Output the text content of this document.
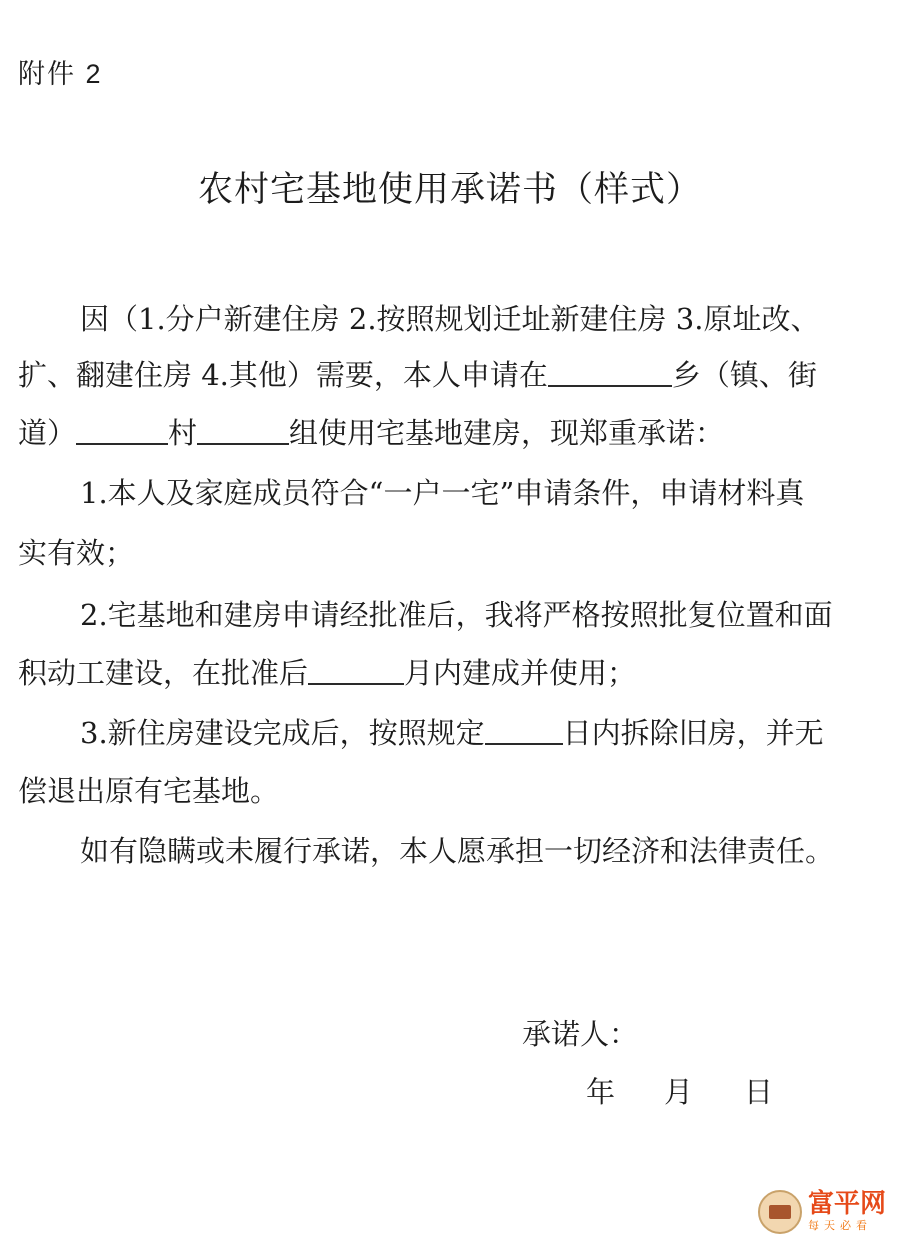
附件 2
农村宅基地使用承诺书（样式）
因（1.分户新建住房 2.按照规划迁址新建住房 3.原址改、
扩、翻建住房 4.其他）需要，本人申请在	乡（镇、街
道）	村	组使用宅基地建房，现郑重承诺：
1.本人及家庭成员符合“一户一宅”申请条件，申请材料真
实有效；
2.宅基地和建房申请经批准后，我将严格按照批复位置和面
积动工建设，在批准后	月内建成并使用；
3.新住房建设完成后，按照规定	日内拆除旧房，并无
偿退出原有宅基地。
如有隐瞒或未履行承诺，本人愿承担一切经济和法律责任。
承诺人：
年 月 日
富平网
每天必看
